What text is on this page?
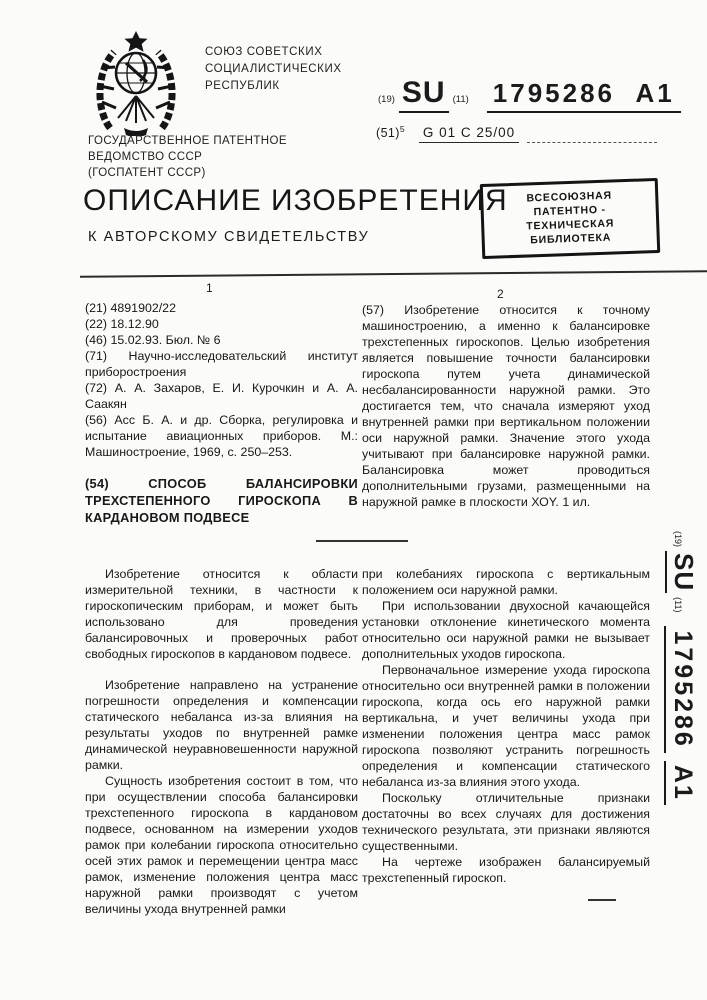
СОЮЗ СОВЕТСКИХ
СОЦИАЛИСТИЧЕСКИХ
РЕСПУБЛИК
(19) SU (11) 1795286 А1
$(51)^5$ G 01 C 25/00
ГОСУДАРСТВЕННОЕ ПАТЕНТНОЕ
ВЕДОМСТВО СССР
(ГОСПАТЕНТ СССР)
ОПИСАНИЕ ИЗОБРЕТЕНИЯ
К АВТОРСКОМУ СВИДЕТЕЛЬСТВУ
ВСЕСОЮЗНАЯ
ПАТЕНТНО - ТЕХНИЧЕСКАЯ
БИБЛИОТЕКА
1	2

(21) 4891902/22

(22) 18.12.90

(46) 15.02.93. Бюл. № 6

(71) Научно-исследовательский институт приборостроения

(72) А. А. Захаров, Е. И. Курочкин и А. А. Саакян

(56) Асс Б. А. и др. Сборка, регулировка и испытание авиационных приборов. М.: Машиностроение, 1969, с. 250–253.

(54)	СПОСОБ БАЛАНСИРОВКИ ТРЕХСТЕПЕННОГО ГИРОСКОПА В КАРДАНОВОМ ПОДВЕСЕ

(57) Изобретение относится к точному машиностроению, а именно к балансировке трехстепенных гироскопов. Целью изобретения является повышение точности балансировки гироскопа путем учета динамической несбалансированности наружной рамки. Это достигается тем, что сначала измеряют уход внутренней рамки при вертикальном положении оси наружной рамки. Значение этого ухода учитывают при балансировке наружной рамки. Балансировка может проводиться дополнительными грузами, размещенными на наружной рамке в плоскости ХОY. 1 ил.

Изобретение относится к области измерительной техники, в частности к гироскопическим приборам, и может быть использовано для проведения балансировочных и проверочных работ свободных гироскопов в кардановом подвесе.

Изобретение направлено на устранение погрешности определения и компенсации статического небаланса из-за влияния на результаты уходов по внутренней рамке динамической неуравновешенности наружной рамки.

Сущность изобретения состоит в том, что при осуществлении способа балансировки трехстепенного гироскопа в кардановом подвесе, основанном на измерении уходов рамок при колебании гироскопа относительно осей этих рамок и перемещении центра масс рамок, изменение положения центра масс наружной рамки производят с учетом величины ухода внутренней рамки

при колебаниях гироскопа с вертикальным положением оси наружной рамки.

При использовании двухосной качающейся установки отклонение кинетического момента относительно оси наружной рамки не вызывает дополнительных уходов гироскопа.

Первоначальное измерение ухода гироскопа относительно оси внутренней рамки в положении гироскопа, когда ось его наружной рамки вертикальна, и учет величины ухода при изменении положения центра масс рамок гироскопа позволяют устранить погрешность определения и компенсации статического небаланса из-за влияния этого ухода.

Поскольку отличительные признаки достаточны во всех случаях для достижения технического результата, эти признаки являются существенными.

На чертеже изображен балансируемый трехстепенный гироскоп.

(19)
SU
(11)
1795286
А1
